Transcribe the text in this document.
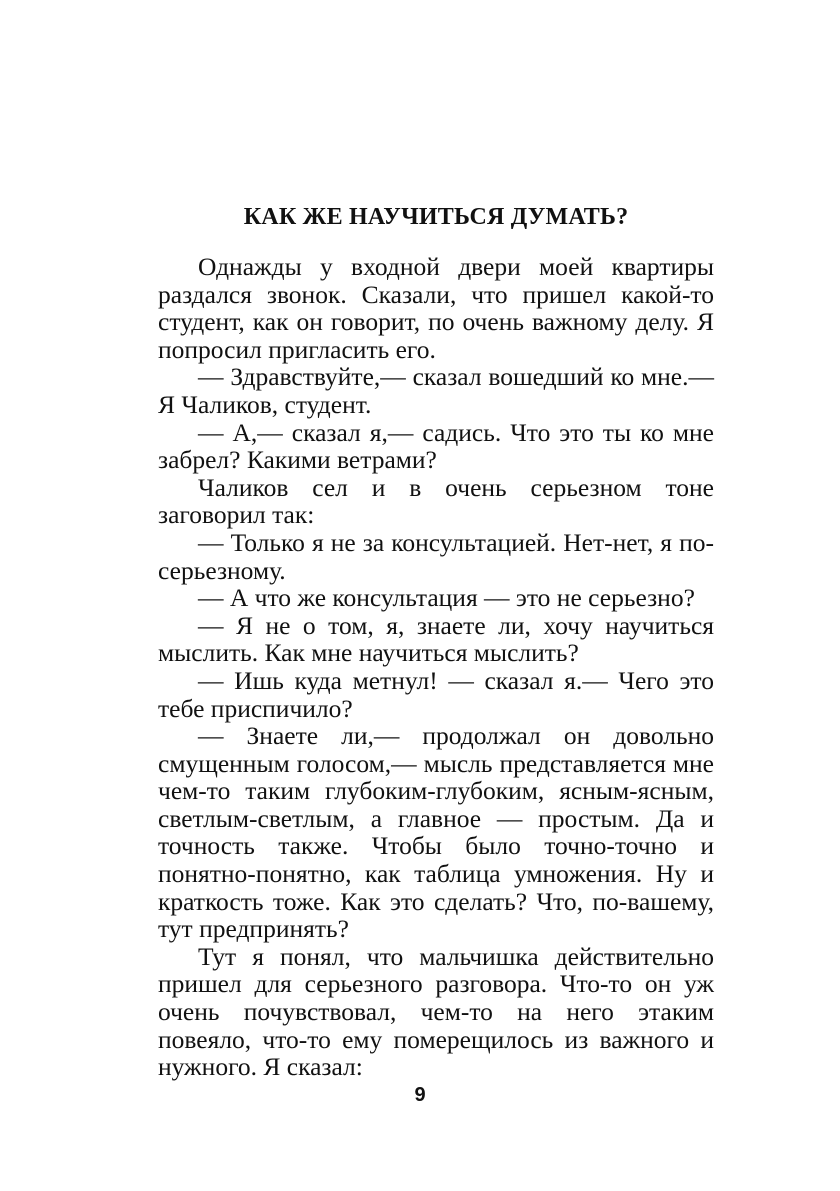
КАК ЖЕ НАУЧИТЬСЯ ДУМАТЬ?

Однажды у входной двери моей квартиры раздался звонок. Сказали, что пришел какой-то студент, как он говорит, по очень важному делу. Я попросил пригласить его.

— Здравствуйте,— сказал вошедший ко мне.— Я Чаликов, студент.

— А,— сказал я,— садись. Что это ты ко мне забрел? Какими ветрами?

Чаликов сел и в очень серьезном тоне заговорил так:

— Только я не за консультацией. Нет-нет, я по-серьезному.

— А что же консультация — это не серьезно?

— Я не о том, я, знаете ли, хочу научиться мыслить. Как мне научиться мыслить?

— Ишь куда метнул! — сказал я.— Чего это тебе приспичило?

— Знаете ли,— продолжал он довольно смущенным голосом,— мысль представляется мне чем-то таким глубоким-глубоким, ясным-ясным, светлым-светлым, а главное — простым. Да и точность также. Чтобы было точно-точно и понятно-понятно, как таблица умножения. Ну и краткость тоже. Как это сделать? Что, по-вашему, тут предпринять?

Тут я понял, что мальчишка действительно пришел для серьезного разговора. Что-то он уж очень почувствовал, чем-то на него этаким повеяло, что-то ему померещилось из важного и нужного. Я сказал:

9
